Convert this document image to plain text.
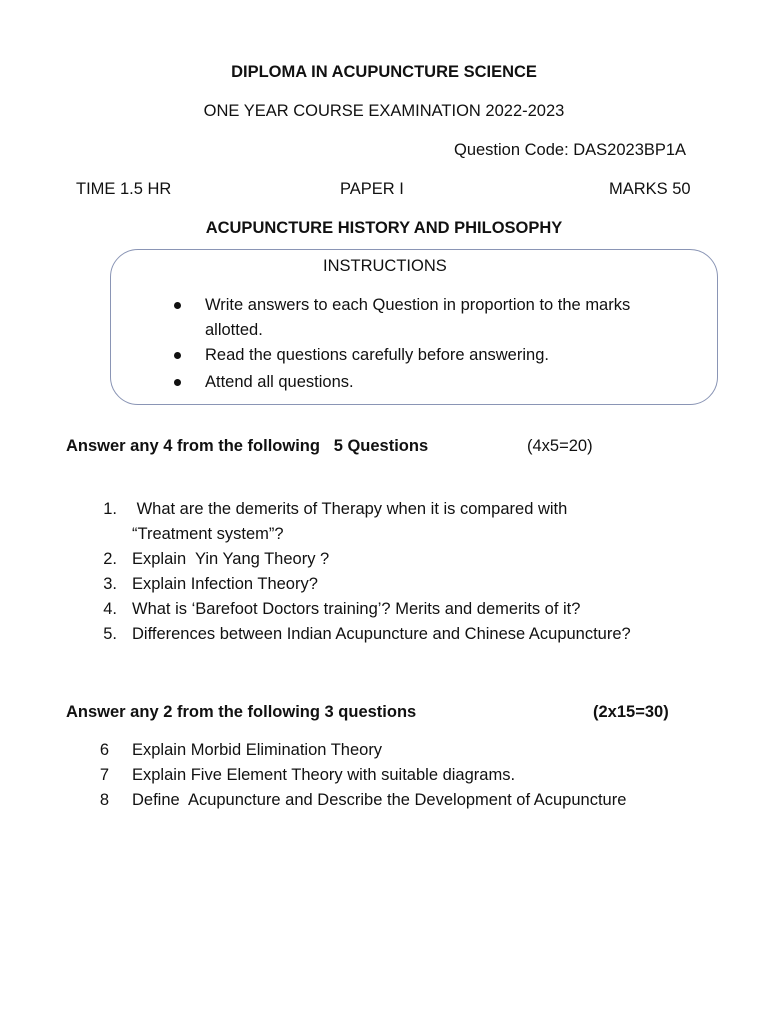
DIPLOMA IN ACUPUNCTURE SCIENCE
ONE YEAR COURSE EXAMINATION 2022-2023
Question Code: DAS2023BP1A
TIME 1.5 HR	PAPER I	MARKS 50
ACUPUNCTURE HISTORY AND PHILOSOPHY
INSTRUCTIONS
Write answers to each Question in proportion to the marks
allotted.
Read the questions carefully before answering.
Attend all questions.
Answer any 4 from the following   5 Questions	(4x5=20)
1. What are the demerits of Therapy when it is compared with
“Treatment system”?
2. Explain  Yin Yang Theory ?
3. Explain Infection Theory?
4. What is ‘Barefoot Doctors training’? Merits and demerits of it?
5. Differences between Indian Acupuncture and Chinese Acupuncture?
Answer any 2 from the following 3 questions	(2x15=30)
6 Explain Morbid Elimination Theory
7 Explain Five Element Theory with suitable diagrams.
8 Define  Acupuncture and Describe the Development of Acupuncture
